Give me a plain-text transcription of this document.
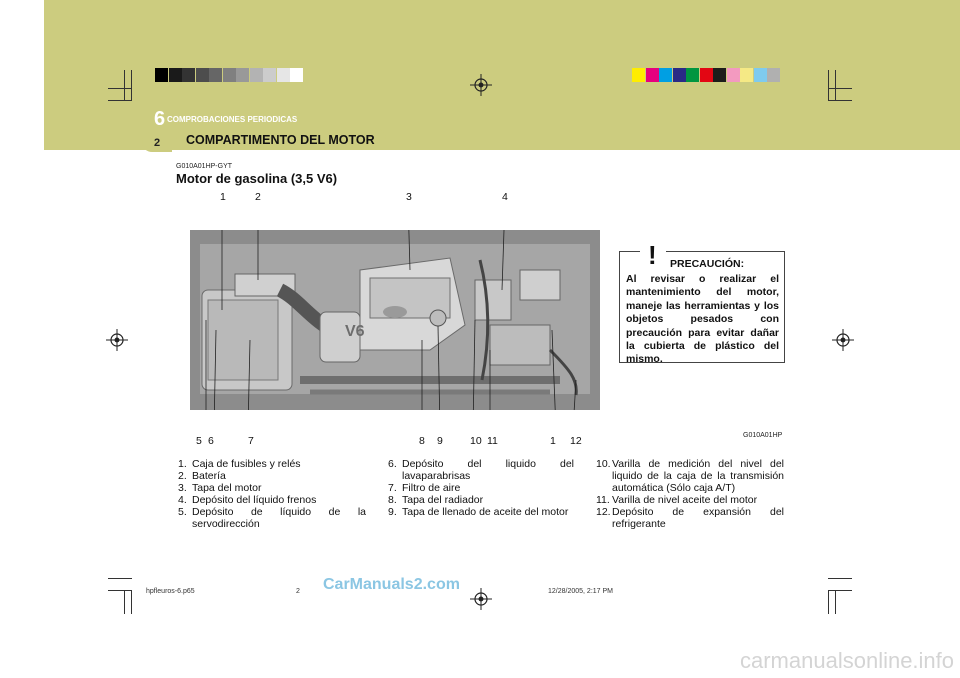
6 COMPROBACIONES PERIODICAS
2 COMPARTIMENTO DEL MOTOR
G010A01HP-GYT
Motor de gasolina (3,5 V6)
1	2	3	4
V6
5 6	7	8 9	10 11	1 12
! PRECAUCIÓN:
Al revisar o realizar el mantenimiento del motor, maneje las herramientas y los objetos pesados con precaución para evitar dañar la cubierta de plástico del mismo.
G010A01HP
1. Caja de fusibles y relés
2. Batería
3. Tapa del motor
4. Depósito del líquido frenos
5. Depósito de líquido de la servodirección
6. Depósito del liquido del lavaparabrisas
7. Filtro de aire
8. Tapa del radiador
9. Tapa de llenado de aceite del motor
10. Varilla de medición del nivel del liquido de la caja de la transmisión automática (Sólo caja A/T)
11. Varilla de nivel aceite del motor
12. Depósito de expansión del refrigerante
hpfleuros-6.p65	2	12/28/2005, 2:17 PM
CarManuals2.com
carmanualsonline.info
